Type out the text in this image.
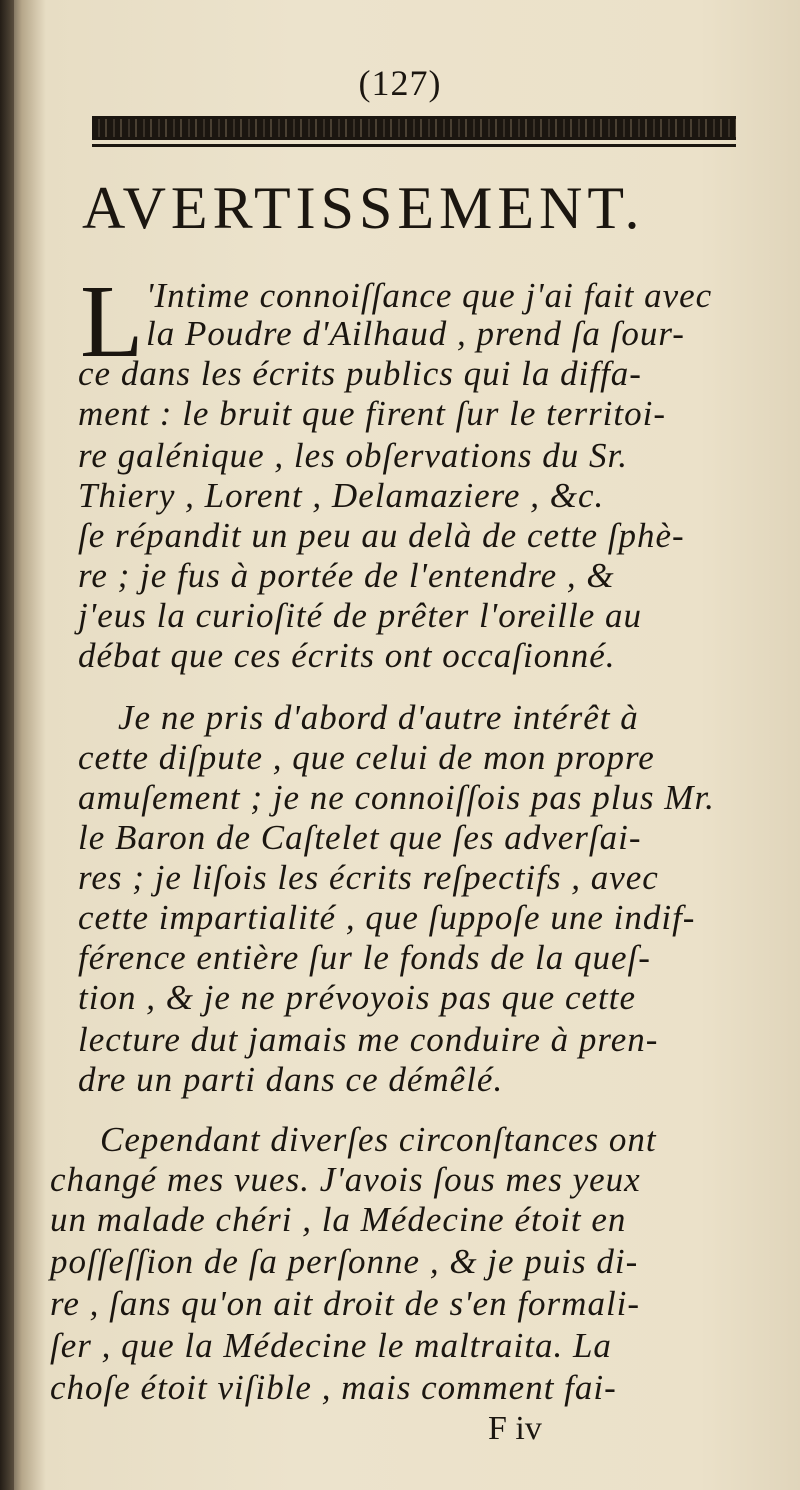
(127)
AVERTISSEMENT.
L 'Intime connoiſſance que j'ai fait avec
la Poudre d'Ailhaud , prend ſa ſour-
ce dans les écrits publics qui la diffa-
ment : le bruit que firent ſur le territoi-
re galénique , les obſervations du Sr.
Thiery , Lorent , Delamaziere , &c.
ſe répandit un peu au delà de cette ſphè-
re ; je fus à portée de l'entendre , &
j'eus la curioſité de prêter l'oreille au
débat que ces écrits ont occaſionné.
Je ne pris d'abord d'autre intérêt à
cette diſpute , que celui de mon propre
amuſement ; je ne connoiſſois pas plus Mr.
le Baron de Caſtelet que ſes adverſai-
res ; je liſois les écrits reſpectifs , avec
cette impartialité , que ſuppoſe une indif-
férence entière ſur le fonds de la queſ-
tion , & je ne prévoyois pas que cette
lecture dut jamais me conduire à pren-
dre un parti dans ce démêlé.
Cependant diverſes circonſtances ont
changé mes vues. J'avois ſous mes yeux
un malade chéri , la Médecine étoit en
poſſeſſion de ſa perſonne , & je puis di-
re , ſans qu'on ait droit de s'en formali-
ſer , que la Médecine le maltraita. La
choſe étoit viſible , mais comment fai-
F iv
